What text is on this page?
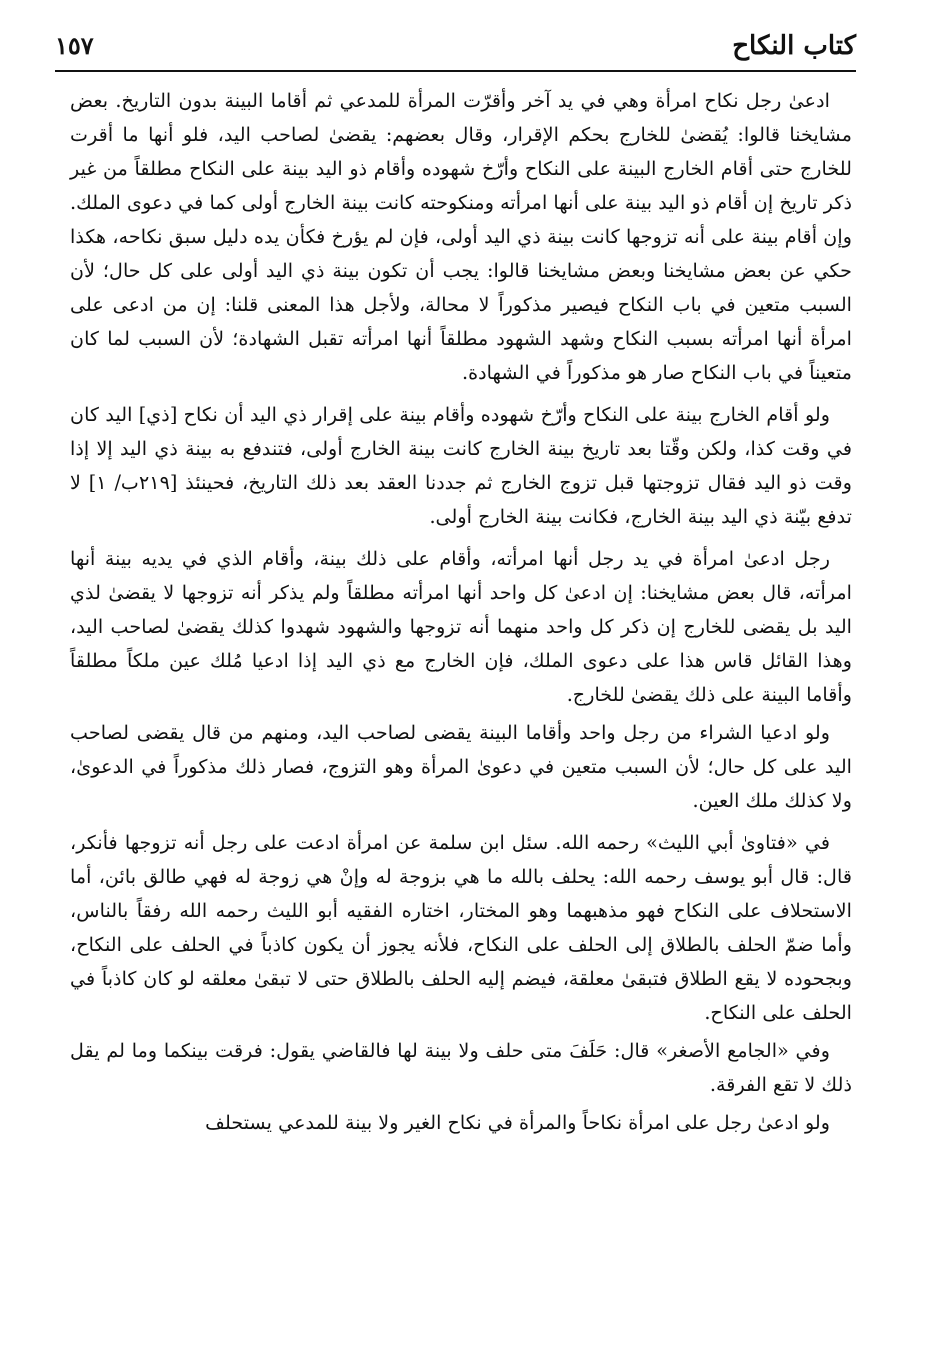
كتاب النكاح
١٥٧

ادعىٰ رجل نكاح امرأة وهي في يد آخر وأقرّت المرأة للمدعي ثم أقاما البينة بدون التاريخ. بعض مشايخنا قالوا: يُقضىٰ للخارج بحكم الإقرار، وقال بعضهم: يقضىٰ لصاحب اليد، فلو أنها ما أقرت للخارج حتى أقام الخارج البينة على النكاح وأرّخ شهوده وأقام ذو اليد بينة على النكاح مطلقاً من غير ذكر تاريخ إن أقام ذو اليد بينة على أنها امرأته ومنكوحته كانت بينة الخارج أولى كما في دعوى الملك. وإن أقام بينة على أنه تزوجها كانت بينة ذي اليد أولى، فإن لم يؤرخ فكأن يده دليل سبق نكاحه، هكذا حكي عن بعض مشايخنا وبعض مشايخنا قالوا: يجب أن تكون بينة ذي اليد أولى على كل حال؛ لأن السبب متعين في باب النكاح فيصير مذكوراً لا محالة، ولأجل هذا المعنى قلنا: إن من ادعى على امرأة أنها امرأته بسبب النكاح وشهد الشهود مطلقاً أنها امرأته تقبل الشهادة؛ لأن السبب لما كان متعيناً في باب النكاح صار هو مذكوراً في الشهادة.

ولو أقام الخارج بينة على النكاح وأرّخ شهوده وأقام بينة على إقرار ذي اليد أن نكاح [ذي] اليد كان في وقت كذا، ولكن وقّتا بعد تاريخ بينة الخارج كانت بينة الخارج أولى، فتندفع به بينة ذي اليد إلا إذا وقت ذو اليد فقال تزوجتها قبل تزوج الخارج ثم جددنا العقد بعد ذلك التاريخ، فحينئذ [٢١٩ب/ ١] لا تدفع بيّنة ذي اليد بينة الخارج، فكانت بينة الخارج أولى.

رجل ادعىٰ امرأة في يد رجل أنها امرأته، وأقام على ذلك بينة، وأقام الذي في يديه بينة أنها امرأته، قال بعض مشايخنا: إن ادعىٰ كل واحد أنها امرأته مطلقاً ولم يذكر أنه تزوجها لا يقضىٰ لذي اليد بل يقضى للخارج إن ذكر كل واحد منهما أنه تزوجها والشهود شهدوا كذلك يقضىٰ لصاحب اليد، وهذا القائل قاس هذا على دعوى الملك، فإن الخارج مع ذي اليد إذا ادعيا مُلك عين ملكاً مطلقاً وأقاما البينة على ذلك يقضىٰ للخارج.

ولو ادعيا الشراء من رجل واحد وأقاما البينة يقضى لصاحب اليد، ومنهم من قال يقضى لصاحب اليد على كل حال؛ لأن السبب متعين في دعوىٰ المرأة وهو التزوج، فصار ذلك مذكوراً في الدعوىٰ، ولا كذلك ملك العين.

في «فتاوىٰ أبي الليث» رحمه الله. سئل ابن سلمة عن امرأة ادعت على رجل أنه تزوجها فأنكر، قال: قال أبو يوسف رحمه الله: يحلف بالله ما هي بزوجة له وإنْ هي زوجة له فهي طالق بائن، أما الاستحلاف على النكاح فهو مذهبهما وهو المختار، اختاره الفقيه أبو الليث رحمه الله رفقاً بالناس، وأما ضمّ الحلف بالطلاق إلى الحلف على النكاح، فلأنه يجوز أن يكون كاذباً في الحلف على النكاح، وبجحوده لا يقع الطلاق فتبقىٰ معلقة، فيضم إليه الحلف بالطلاق حتى لا تبقىٰ معلقه لو كان كاذباً في الحلف على النكاح.

وفي «الجامع الأصغر» قال: حَلَفَ متى حلف ولا بينة لها فالقاضي يقول: فرقت بينكما وما لم يقل ذلك لا تقع الفرقة.

ولو ادعىٰ رجل على امرأة نكاحاً والمرأة في نكاح الغير ولا بينة للمدعي يستحلف
